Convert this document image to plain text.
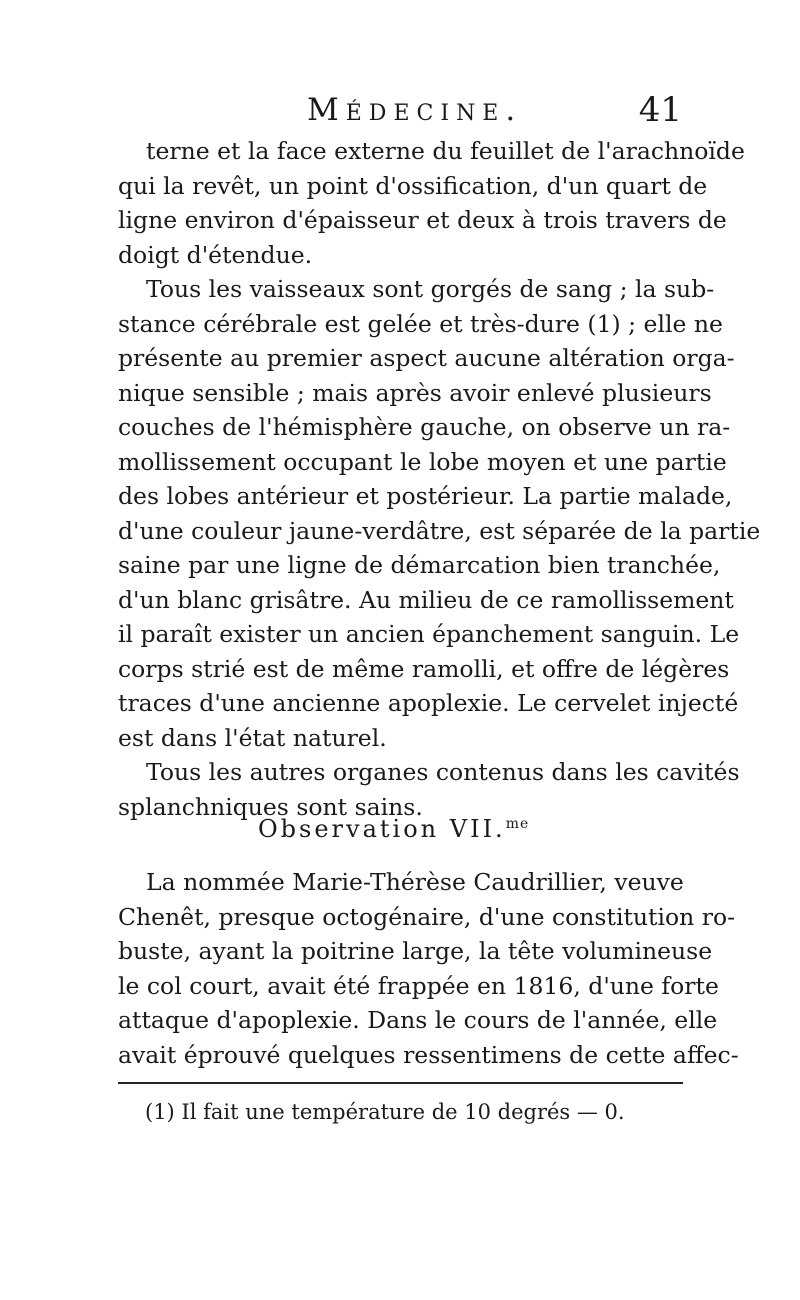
Médecine.	41
terne et la face externe du feuillet de l'arachnoïde
qui la revêt, un point d'ossification, d'un quart de
ligne environ d'épaisseur et deux à trois travers de
doigt d'étendue.
Tous les vaisseaux sont gorgés de sang ; la sub-
stance cérébrale est gelée et très-dure (1) ; elle ne
présente au premier aspect aucune altération orga-
nique sensible ; mais après avoir enlevé plusieurs
couches de l'hémisphère gauche, on observe un ra-
mollissement occupant le lobe moyen et une partie
des lobes antérieur et postérieur. La partie malade,
d'une couleur jaune-verdâtre, est séparée de la partie
saine par une ligne de démarcation bien tranchée,
d'un blanc grisâtre. Au milieu de ce ramollissement
il paraît exister un ancien épanchement sanguin. Le
corps strié est de même ramolli, et offre de légères
traces d'une ancienne apoplexie. Le cervelet injecté
est dans l'état naturel.
Tous les autres organes contenus dans les cavités
splanchniques sont sains.
Observation VII.$^{me}$
La nommée Marie-Thérèse Caudrillier, veuve
Chenêt, presque octogénaire, d'une constitution ro-
buste, ayant la poitrine large, la tête volumineuse
le col court, avait été frappée en 1816, d'une forte
attaque d'apoplexie. Dans le cours de l'année, elle
avait éprouvé quelques ressentimens de cette affec-
(1) Il fait une température de 10 degrés — 0.
